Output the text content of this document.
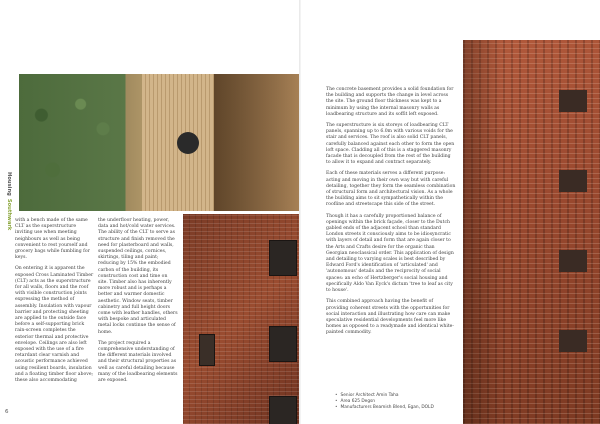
HousingSouthwark with a bench made of the same CLT as the superstructure inviting use when meeting neighbours as well as being convenient to rest yourself and grocery bags while fumbling for keys.

On entering it is apparent the exposed Cross Laminated Timber (CLT) acts as the superstructure for all walls, floors and the roof with visible construction joints expressing the method of assembly. Insulation with vapour barrier and protecting sheeting are applied to the outside face before a self-supporting brick rain-screen completes the exterior thermal and protective envelope. Ceilings are also left exposed with the use of a fire retardant clear varnish and acoustic performance achieved using resilient boards, insulation and a floating timber floor above; these also accommodating

the underfloor heating, power, data and hot/cold water services. The ability of the CLT to serve as structure and finish removed the need for plasterboard and walls, suspended ceilings, cornices, skirtings, tiling and paint; reducing by 15% the embodied carbon of the building, its construction cost and time on site. Timber also has inherently more robust and is perhaps a better and warmer domestic aesthetic. Window seats, timber cabinetry and full height doors come with leather handles, others with bespoke and articulated metal locks continue the sense of home.

The project required a comprehensive understanding of the different materials involved and their structural properties as well as careful detailing because many of the loadbearing elements are exposed.

6

The concrete basement provides a solid foundation for the building and supports the change in level across the site. The ground floor thickness was kept to a minimum by using the internal masonry walls as loadbearing structure and its soffit left exposed.

The superstructure is six storeys of loadbearing CLT panels, spanning up to 6.0m with various voids for the stair and services. The roof is also solid CLT panels, carefully balanced against each other to form the open loft space. Cladding all of this is a staggered masonry facade that is decoupled from the rest of the building to allow it to expand and contract separately.

Each of these materials serves a different purpose: acting and moving in their own way but with careful detailing, together they form the seamless combination of structural form and architectural vision. As a whole the building aims to sit sympathetically within the roofline and streetscape this side of the street.

Though it has a carefully proportioned balance of openings within the brick façade, closer to the Dutch gabled ends of the adjacent school than standard London streets it consciously aims to be idiosyncratic with layers of detail and form that are again closer to the Arts and Crafts desire for the organic than Georgian neoclassical order. This application of design and detailing to varying scales is best described by Edward Ford's identification of 'articulated' and 'autonomous' details and the reciprocity of social spaces: an echo of Hertzberger's social housing and specifically Aldo Van Eyck's dictum 'tree to leaf as city to house'.

This combined approach having the benefit of providing coherent streets with the opportunities for social interaction and illustrating how care can make speculative residential developments feel more like homes as opposed to a readymade and identical white-painted commodity.

• Senior Architect Amin Taha
• Area 625 Degsn
• Manufacturers Beamish Blend, Egan, DOLD
